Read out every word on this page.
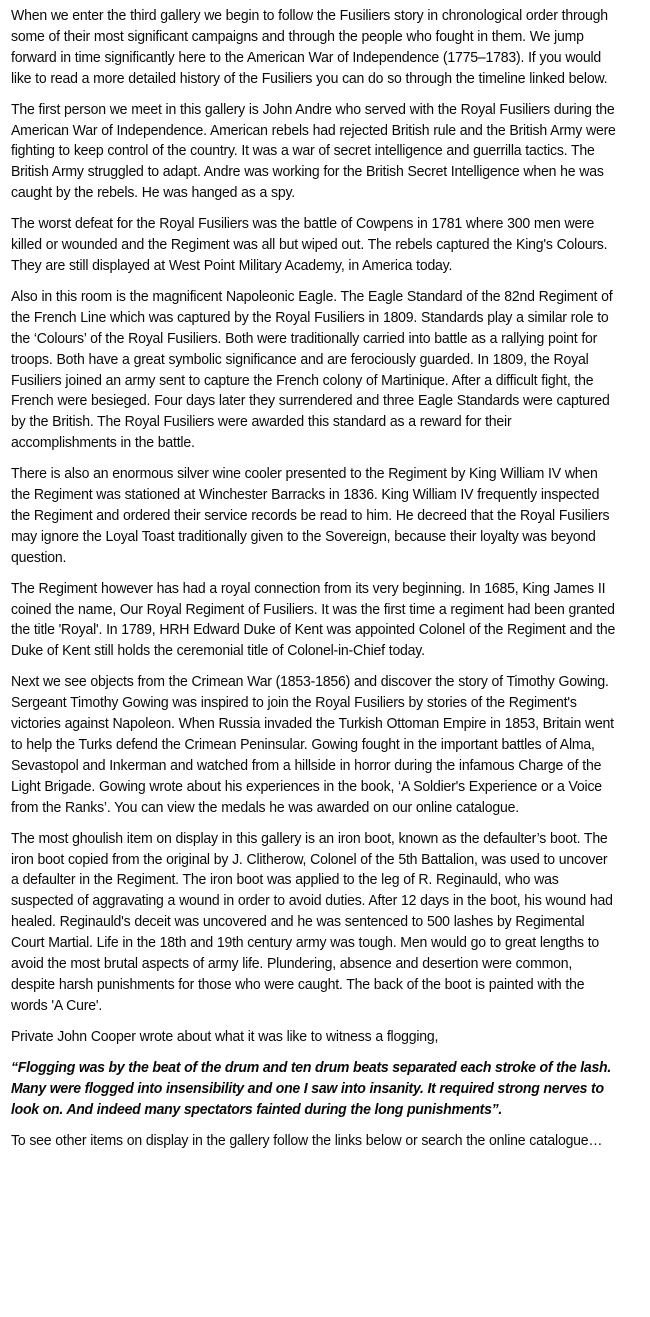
When we enter the third gallery we begin to follow the Fusiliers story in chronological order through some of their most significant campaigns and through the people who fought in them. We jump forward in time significantly here to the American War of Independence (1775–1783). If you would like to read a more detailed history of the Fusiliers you can do so through the timeline linked below.

The first person we meet in this gallery is John Andre who served with the Royal Fusiliers during the American War of Independence. American rebels had rejected British rule and the British Army were fighting to keep control of the country. It was a war of secret intelligence and guerrilla tactics. The British Army struggled to adapt. Andre was working for the British Secret Intelligence when he was caught by the rebels. He was hanged as a spy.

The worst defeat for the Royal Fusiliers was the battle of Cowpens in 1781 where 300 men were killed or wounded and the Regiment was all but wiped out. The rebels captured the King's Colours. They are still displayed at West Point Military Academy, in America today.

Also in this room is the magnificent Napoleonic Eagle. The Eagle Standard of the 82nd Regiment of the French Line which was captured by the Royal Fusiliers in 1809. Standards play a similar role to the ‘Colours’ of the Royal Fusiliers. Both were traditionally carried into battle as a rallying point for troops. Both have a great symbolic significance and are ferociously guarded. In 1809, the Royal Fusiliers joined an army sent to capture the French colony of Martinique. After a difficult fight, the French were besieged. Four days later they surrendered and three Eagle Standards were captured by the British. The Royal Fusiliers were awarded this standard as a reward for their accomplishments in the battle.

There is also an enormous silver wine cooler presented to the Regiment by King William IV when the Regiment was stationed at Winchester Barracks in 1836. King William IV frequently inspected the Regiment and ordered their service records be read to him. He decreed that the Royal Fusiliers may ignore the Loyal Toast traditionally given to the Sovereign, because their loyalty was beyond question.

The Regiment however has had a royal connection from its very beginning. In 1685, King James II coined the name, Our Royal Regiment of Fusiliers. It was the first time a regiment had been granted the title 'Royal'. In 1789, HRH Edward Duke of Kent was appointed Colonel of the Regiment and the Duke of Kent still holds the ceremonial title of Colonel-in-Chief today.

Next we see objects from the Crimean War (1853-1856) and discover the story of Timothy Gowing. Sergeant Timothy Gowing was inspired to join the Royal Fusiliers by stories of the Regiment's victories against Napoleon. When Russia invaded the Turkish Ottoman Empire in 1853, Britain went to help the Turks defend the Crimean Peninsular. Gowing fought in the important battles of Alma, Sevastopol and Inkerman and watched from a hillside in horror during the infamous Charge of the Light Brigade. Gowing wrote about his experiences in the book, ‘A Soldier's Experience or a Voice from the Ranks’. You can view the medals he was awarded on our online catalogue.

The most ghoulish item on display in this gallery is an iron boot, known as the defaulter’s boot. The iron boot copied from the original by J. Clitherow, Colonel of the 5th Battalion, was used to uncover a defaulter in the Regiment. The iron boot was applied to the leg of R. Reginauld, who was suspected of aggravating a wound in order to avoid duties. After 12 days in the boot, his wound had healed. Reginauld's deceit was uncovered and he was sentenced to 500 lashes by Regimental Court Martial. Life in the 18th and 19th century army was tough. Men would go to great lengths to avoid the most brutal aspects of army life. Plundering, absence and desertion were common, despite harsh punishments for those who were caught. The back of the boot is painted with the words 'A Cure'.

Private John Cooper wrote about what it was like to witness a flogging,

“Flogging was by the beat of the drum and ten drum beats separated each stroke of the lash. Many were flogged into insensibility and one I saw into insanity. It required strong nerves to look on. And indeed many spectators fainted during the long punishments”.

To see other items on display in the gallery follow the links below or search the online catalogue…
